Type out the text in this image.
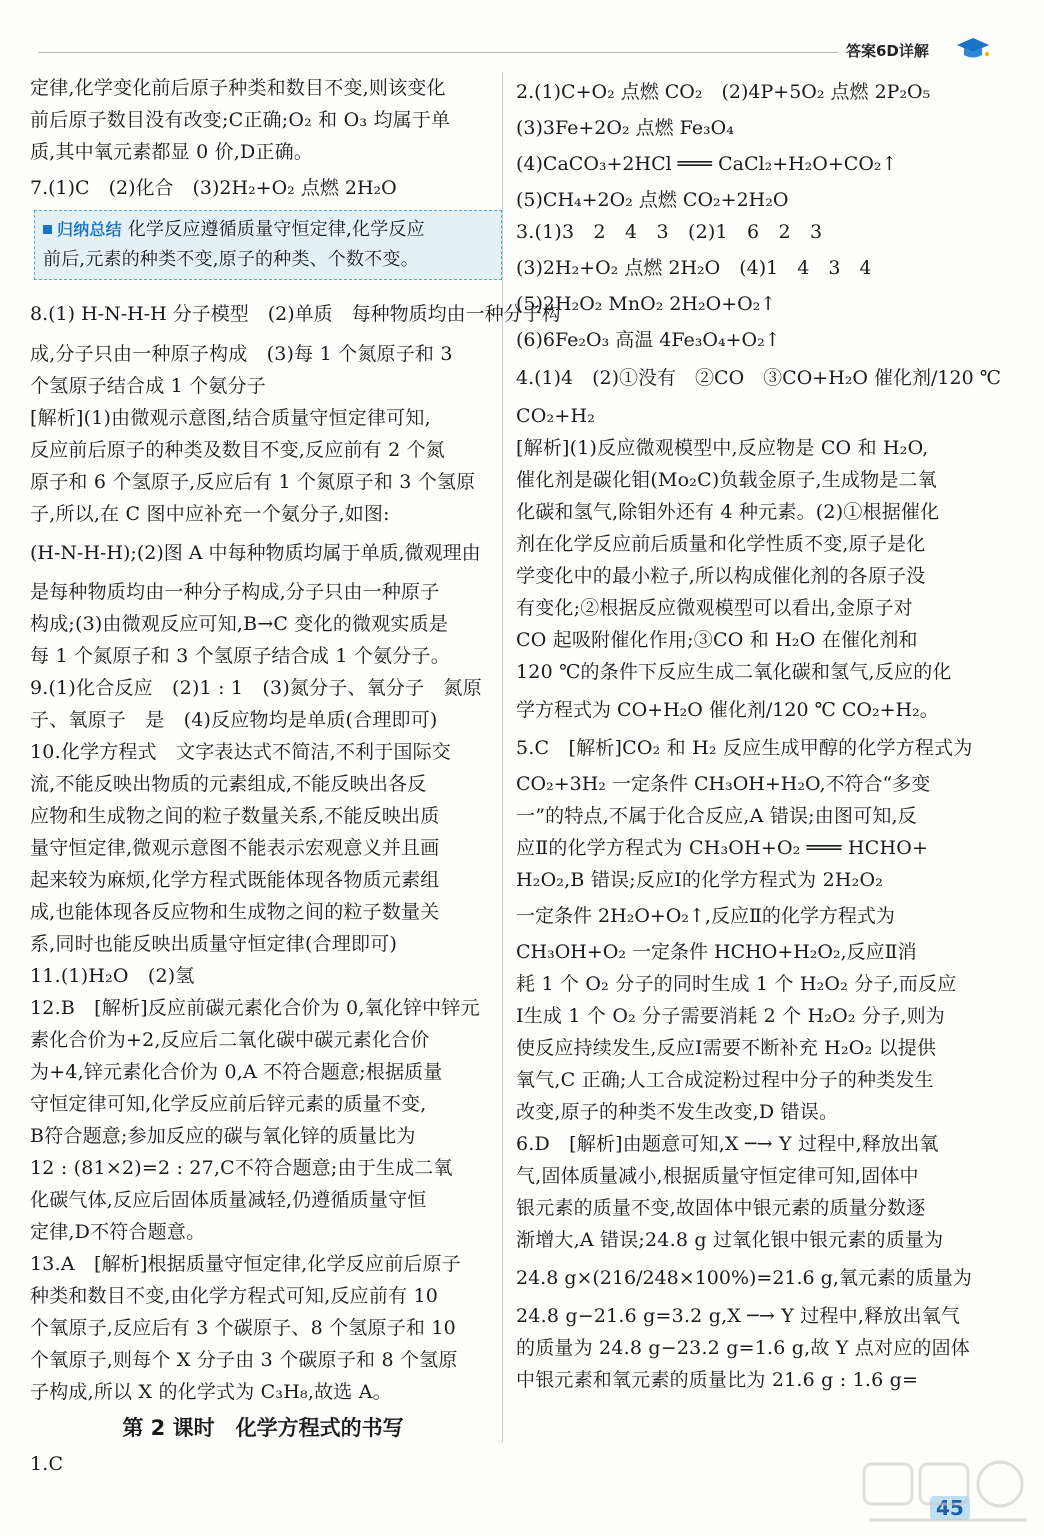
答案6D详解
定律,化学变化前后原子种类和数目不变,则该变化
前后原子数目没有改变;C正确;O₂ 和 O₃ 均属于单
质,其中氧元素都显 0 价,D正确。
7.(1)C　(2)化合　(3)2H₂+O₂ 点燃 2H₂O
归纳总结 化学反应遵循质量守恒定律,化学反应
前后,元素的种类不变,原子的种类、个数不变。
8.(1) H-N-H-H 分子模型　(2)单质　每种物质均由一种分子构
成,分子只由一种原子构成　(3)每 1 个氮原子和 3
个氢原子结合成 1 个氨分子
[解析](1)由微观示意图,结合质量守恒定律可知,
反应前后原子的种类及数目不变,反应前有 2 个氮
原子和 6 个氢原子,反应后有 1 个氮原子和 3 个氢原
子,所以,在 C 图中应补充一个氨分子,如图:
(H-N-H-H);(2)图 A 中每种物质均属于单质,微观理由
是每种物质均由一种分子构成,分子只由一种原子
构成;(3)由微观反应可知,B→C 变化的微观实质是
每 1 个氮原子和 3 个氢原子结合成 1 个氨分子。
9.(1)化合反应　(2)1 : 1　(3)氮分子、氧分子　氮原
子、氧原子　是　(4)反应物均是单质(合理即可)
10.化学方程式　文字表达式不简洁,不利于国际交
流,不能反映出物质的元素组成,不能反映出各反
应物和生成物之间的粒子数量关系,不能反映出质
量守恒定律,微观示意图不能表示宏观意义并且画
起来较为麻烦,化学方程式既能体现各物质元素组
成,也能体现各反应物和生成物之间的粒子数量关
系,同时也能反映出质量守恒定律(合理即可)
11.(1)H₂O　(2)氢
12.B　[解析]反应前碳元素化合价为 0,氧化锌中锌元
素化合价为+2,反应后二氧化碳中碳元素化合价
为+4,锌元素化合价为 0,A 不符合题意;根据质量
守恒定律可知,化学反应前后锌元素的质量不变,
B符合题意;参加反应的碳与氧化锌的质量比为
12 : (81×2)=2 : 27,C不符合题意;由于生成二氧
化碳气体,反应后固体质量减轻,仍遵循质量守恒
定律,D不符合题意。
13.A　[解析]根据质量守恒定律,化学反应前后原子
种类和数目不变,由化学方程式可知,反应前有 10
个氧原子,反应后有 3 个碳原子、8 个氢原子和 10
个氧原子,则每个 X 分子由 3 个碳原子和 8 个氢原
子构成,所以 X 的化学式为 C₃H₈,故选 A。
第 2 课时　化学方程式的书写
1.C
2.(1)C+O₂ 点燃 CO₂　(2)4P+5O₂ 点燃 2P₂O₅
(3)3Fe+2O₂ 点燃 Fe₃O₄
(4)CaCO₃+2HCl ═══ CaCl₂+H₂O+CO₂↑
(5)CH₄+2O₂ 点燃 CO₂+2H₂O
3.(1)3　2　4　3　(2)1　6　2　3
(3)2H₂+O₂ 点燃 2H₂O　(4)1　4　3　4
(5)2H₂O₂ MnO₂ 2H₂O+O₂↑
(6)6Fe₂O₃ 高温 4Fe₃O₄+O₂↑
4.(1)4　(2)①没有　②CO　③CO+H₂O 催化剂/120 ℃
CO₂+H₂
[解析](1)反应微观模型中,反应物是 CO 和 H₂O,
催化剂是碳化钼(Mo₂C)负载金原子,生成物是二氧
化碳和氢气,除钼外还有 4 种元素。(2)①根据催化
剂在化学反应前后质量和化学性质不变,原子是化
学变化中的最小粒子,所以构成催化剂的各原子没
有变化;②根据反应微观模型可以看出,金原子对
CO 起吸附催化作用;③CO 和 H₂O 在催化剂和
120 ℃的条件下反应生成二氧化碳和氢气,反应的化
学方程式为 CO+H₂O 催化剂/120 ℃ CO₂+H₂。
5.C　[解析]CO₂ 和 H₂ 反应生成甲醇的化学方程式为
CO₂+3H₂ 一定条件 CH₃OH+H₂O,不符合“多变
一”的特点,不属于化合反应,A 错误;由图可知,反
应Ⅱ的化学方程式为 CH₃OH+O₂ ═══ HCHO+
H₂O₂,B 错误;反应Ⅰ的化学方程式为 2H₂O₂
一定条件 2H₂O+O₂↑,反应Ⅱ的化学方程式为
CH₃OH+O₂ 一定条件 HCHO+H₂O₂,反应Ⅱ消
耗 1 个 O₂ 分子的同时生成 1 个 H₂O₂ 分子,而反应
Ⅰ生成 1 个 O₂ 分子需要消耗 2 个 H₂O₂ 分子,则为
使反应持续发生,反应Ⅰ需要不断补充 H₂O₂ 以提供
氧气,C 正确;人工合成淀粉过程中分子的种类发生
改变,原子的种类不发生改变,D 错误。
6.D　[解析]由题意可知,X ─→ Y 过程中,释放出氧
气,固体质量减小,根据质量守恒定律可知,固体中
银元素的质量不变,故固体中银元素的质量分数逐
渐增大,A 错误;24.8 g 过氧化银中银元素的质量为
24.8 g×(216/248×100%)=21.6 g,氧元素的质量为
24.8 g−21.6 g=3.2 g,X ─→ Y 过程中,释放出氧气
的质量为 24.8 g−23.2 g=1.6 g,故 Y 点对应的固体
中银元素和氧元素的质量比为 21.6 g : 1.6 g=
45
